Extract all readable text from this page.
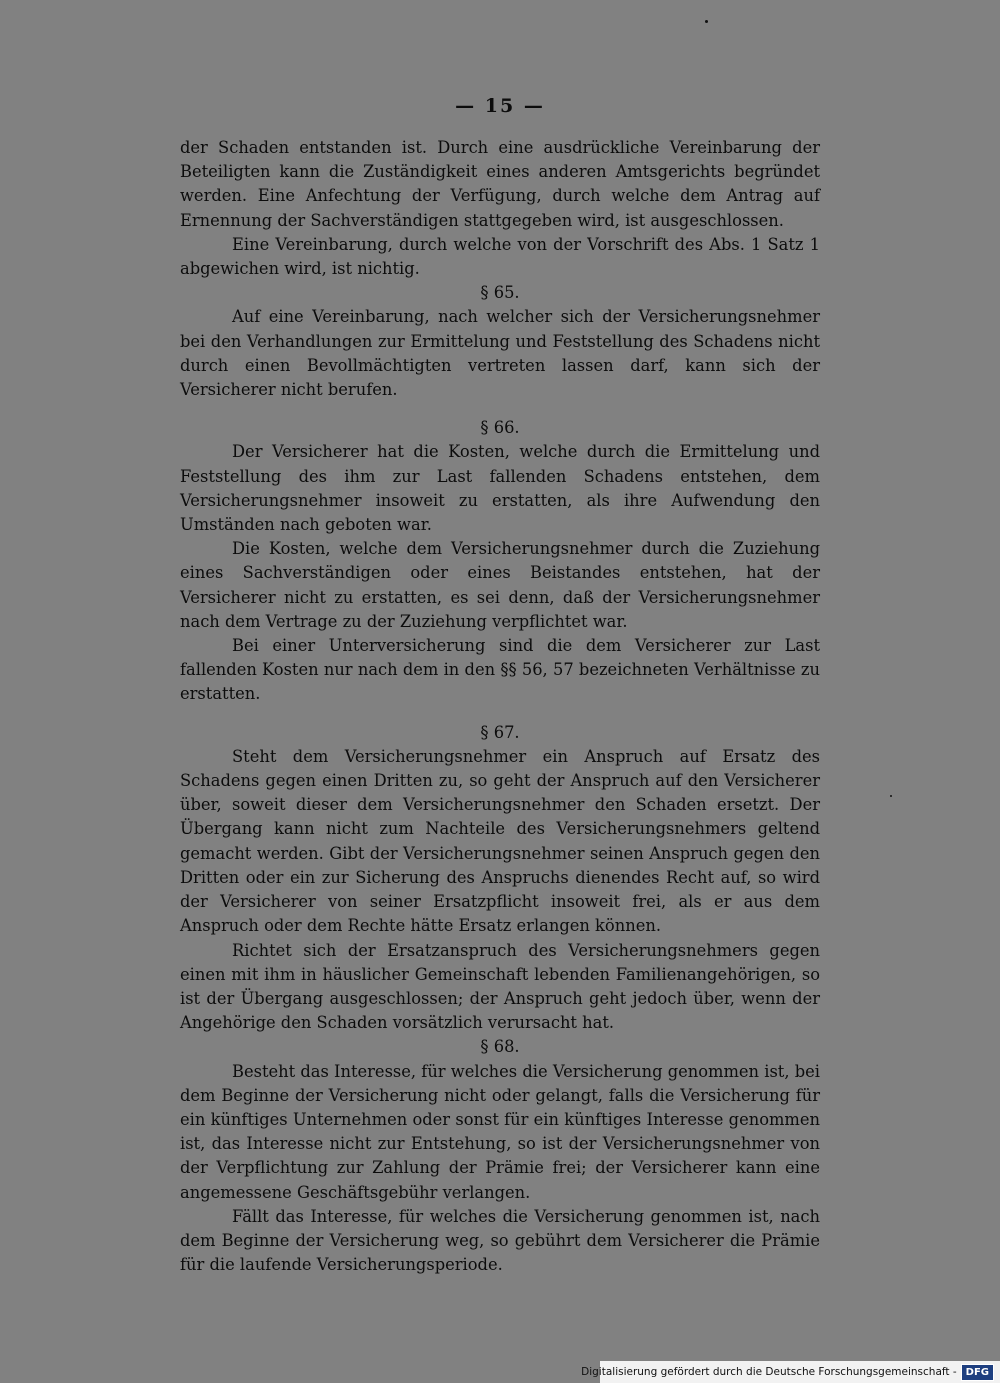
— 15 —

der Schaden entstanden ist. Durch eine ausdrückliche Vereinbarung der Beteiligten kann die Zuständigkeit eines anderen Amtsgerichts begründet werden. Eine Anfechtung der Verfügung, durch welche dem Antrag auf Ernennung der Sachverständigen stattgegeben wird, ist ausgeschlossen.

Eine Vereinbarung, durch welche von der Vorschrift des Abs. 1 Satz 1 abgewichen wird, ist nichtig.

§ 65.

Auf eine Vereinbarung, nach welcher sich der Versicherungsnehmer bei den Verhandlungen zur Ermittelung und Feststellung des Schadens nicht durch einen Bevollmächtigten vertreten lassen darf, kann sich der Versicherer nicht berufen.

§ 66.

Der Versicherer hat die Kosten, welche durch die Ermittelung und Feststellung des ihm zur Last fallenden Schadens entstehen, dem Versicherungsnehmer insoweit zu erstatten, als ihre Aufwendung den Umständen nach geboten war.

Die Kosten, welche dem Versicherungsnehmer durch die Zuziehung eines Sachverständigen oder eines Beistandes entstehen, hat der Versicherer nicht zu erstatten, es sei denn, daß der Versicherungsnehmer nach dem Vertrage zu der Zuziehung verpflichtet war.

Bei einer Unterversicherung sind die dem Versicherer zur Last fallenden Kosten nur nach dem in den §§ 56, 57 bezeichneten Verhältnisse zu erstatten.

§ 67.

Steht dem Versicherungsnehmer ein Anspruch auf Ersatz des Schadens gegen einen Dritten zu, so geht der Anspruch auf den Versicherer über, soweit dieser dem Versicherungsnehmer den Schaden ersetzt. Der Übergang kann nicht zum Nachteile des Versicherungsnehmers geltend gemacht werden. Gibt der Versicherungsnehmer seinen Anspruch gegen den Dritten oder ein zur Sicherung des Anspruchs dienendes Recht auf, so wird der Versicherer von seiner Ersatzpflicht insoweit frei, als er aus dem Anspruch oder dem Rechte hätte Ersatz erlangen können.

Richtet sich der Ersatzanspruch des Versicherungsnehmers gegen einen mit ihm in häuslicher Gemeinschaft lebenden Familienangehörigen, so ist der Übergang ausgeschlossen; der Anspruch geht jedoch über, wenn der Angehörige den Schaden vorsätzlich verursacht hat.

§ 68.

Besteht das Interesse, für welches die Versicherung genommen ist, bei dem Beginne der Versicherung nicht oder gelangt, falls die Versicherung für ein künftiges Unternehmen oder sonst für ein künftiges Interesse genommen ist, das Interesse nicht zur Entstehung, so ist der Versicherungsnehmer von der Verpflichtung zur Zahlung der Prämie frei; der Versicherer kann eine angemessene Geschäftsgebühr verlangen.

Fällt das Interesse, für welches die Versicherung genommen ist, nach dem Beginne der Versicherung weg, so gebührt dem Versicherer die Prämie für die laufende Versicherungsperiode.

Digitalisierung gefördert durch die Deutsche Forschungsgemeinschaft - DFG
